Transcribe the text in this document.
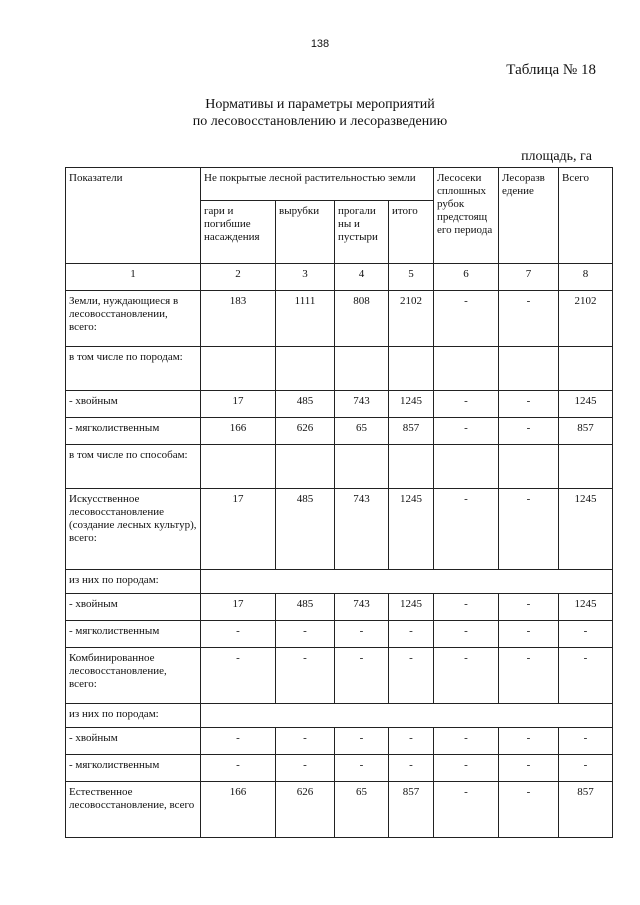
138
Таблица № 18
Нормативы и параметры мероприятий
по лесовосстановлению и лесоразведению
площадь, га
Показатели	Не покрытые лесной растительностью земли				Лесосеки сплошных рубок предстоящ его периода	Лесоразв едение	Всего
	гари и погибшие насаждения	вырубки	прогали ны и пустыри	итого			
1	2	3	4	5	6	7	8
Земли, нуждающиеся в лесовосстановлении, всего:	183	1111	808	2102	-	-	2102
в том числе по породам:							
- хвойным	17	485	743	1245	-	-	1245
- мягколиственным	166	626	65	857	-	-	857
в том числе по способам:							
Искусственное лесовосстановление (создание лесных культур), всего:	17	485	743	1245	-	-	1245
из них по породам:							
- хвойным	17	485	743	1245	-	-	1245
- мягколиственным	-	-	-	-	-	-	-
Комбинированное лесовосстановление, всего:	-	-	-	-	-	-	-
из них по породам:							
- хвойным	-	-	-	-	-	-	-
- мягколиственным	-	-	-	-	-	-	-
Естественное лесовосстановление, всего	166	626	65	857	-	-	857
